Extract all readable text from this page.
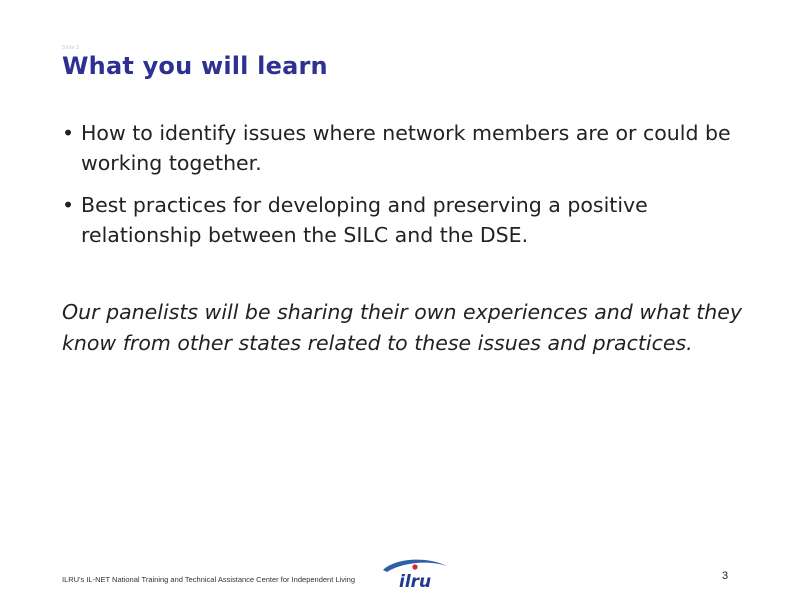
Slide 3
What you will learn
• How to identify issues where network members are or could be working together.
• Best practices for developing and preserving a positive relationship between the SILC and the DSE.

Our panelists will be sharing their own experiences and what they know from other states related to these issues and practices.

ILRU's IL-NET National Training and Technical Assistance Center for Independent Living	ilru	3
